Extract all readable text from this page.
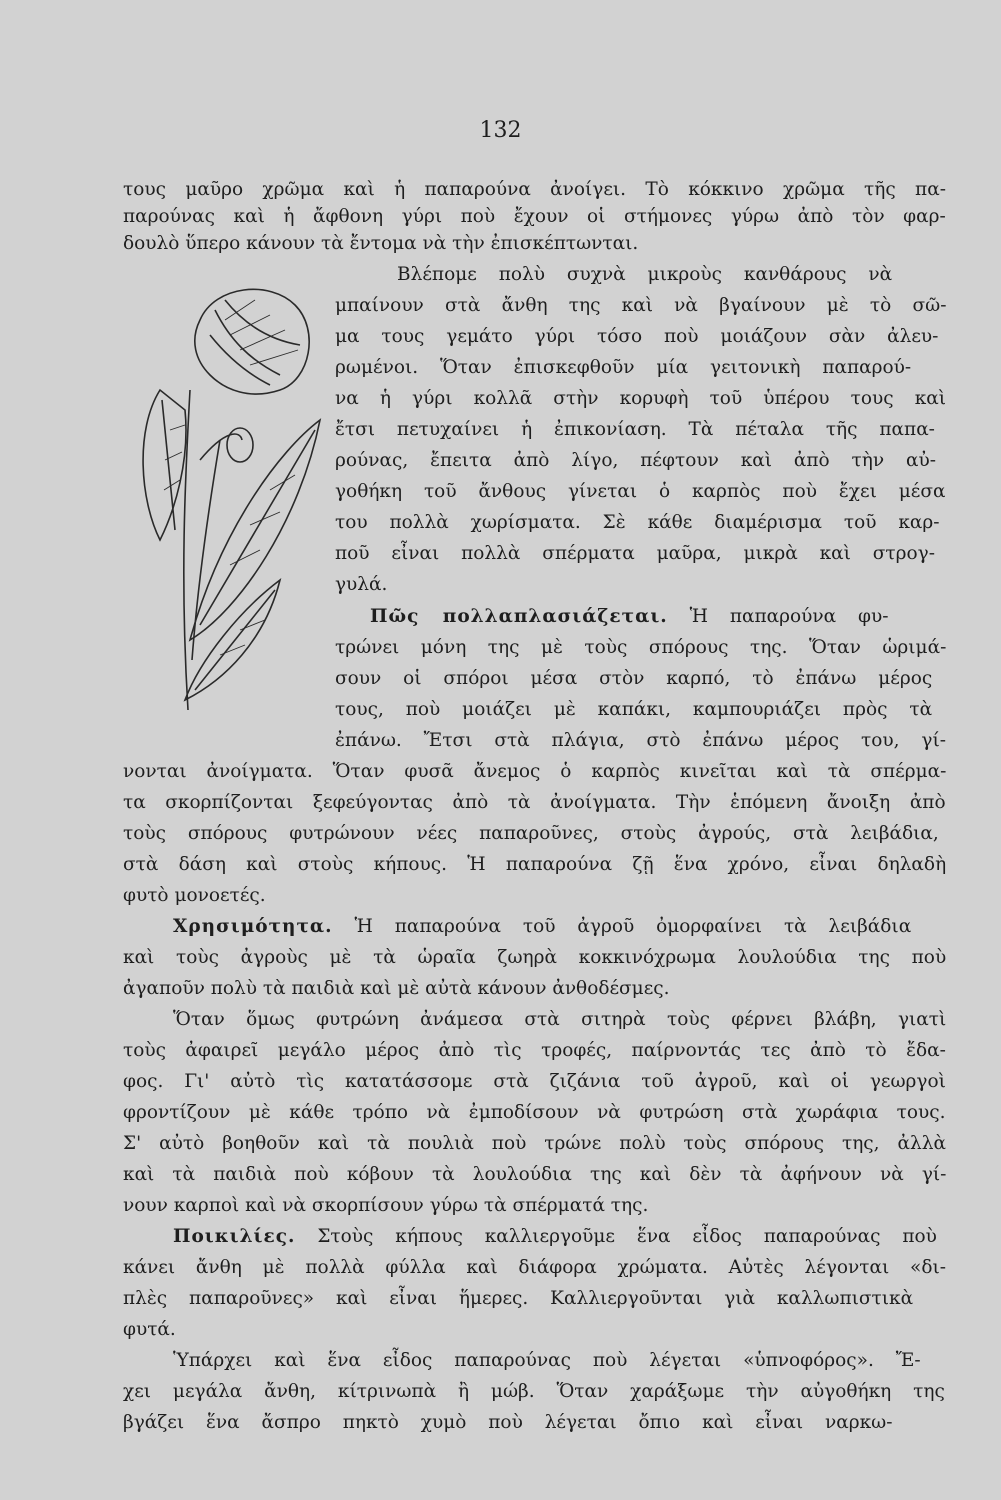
132
τους μαῦρο χρῶμα καὶ ἡ παπαρούνα ἀνοίγει. Τὸ κόκκινο χρῶμα τῆς πα-
παρούνας καὶ ἡ ἄφθονη γύρι ποὺ ἔχουν οἱ στήμονες γύρω ἀπὸ τὸν φαρ-
δουλὸ ὕπερο κάνουν τὰ ἔντομα νὰ τὴν ἐπισκέπτωνται.
Βλέπομε πολὺ συχνὰ μικροὺς κανθάρους νὰ
μπαίνουν στὰ ἄνθη της καὶ νὰ βγαίνουν μὲ τὸ σῶ-
μα τους γεμάτο γύρι τόσο ποὺ μοιάζουν σὰν ἀλευ-
ρωμένοι. Ὅταν ἐπισκεφθοῦν μία γειτονικὴ παπαρού-
να ἡ γύρι κολλᾶ στὴν κορυφὴ τοῦ ὑπέρου τους καὶ
ἔτσι πετυχαίνει ἡ ἐπικονίαση. Τὰ πέταλα τῆς παπα-
ρούνας, ἔπειτα ἀπὸ λίγο, πέφτουν καὶ ἀπὸ τὴν αὐ-
γοθήκη τοῦ ἄνθους γίνεται ὁ καρπὸς ποὺ ἔχει μέσα
του πολλὰ χωρίσματα. Σὲ κάθε διαμέρισμα τοῦ καρ-
ποῦ εἶναι πολλὰ σπέρματα μαῦρα, μικρὰ καὶ στρογ-
γυλά.
Πῶς πολλαπλασιάζεται. Ἡ παπαρούνα φυ-
τρώνει μόνη της μὲ τοὺς σπόρους της. Ὅταν ὡριμά-
σουν οἱ σπόροι μέσα στὸν καρπό, τὸ ἐπάνω μέρος
τους, ποὺ μοιάζει μὲ καπάκι, καμπουριάζει πρὸς τὰ
ἐπάνω. Ἔτσι στὰ πλάγια, στὸ ἐπάνω μέρος του, γί-
νονται ἀνοίγματα. Ὅταν φυσᾶ ἄνεμος ὁ καρπὸς κινεῖται καὶ τὰ σπέρμα-
τα σκορπίζονται ξεφεύγοντας ἀπὸ τὰ ἀνοίγματα. Τὴν ἑπόμενη ἄνοιξη ἀπὸ
τοὺς σπόρους φυτρώνουν νέες παπαροῦνες, στοὺς ἀγρούς, στὰ λειβάδια,
στὰ δάση καὶ στοὺς κήπους. Ἡ παπαρούνα ζῇ ἕνα χρόνο, εἶναι δηλαδὴ
φυτὸ μονοετές.
Χρησιμότητα. Ἡ παπαρούνα τοῦ ἀγροῦ ὀμορφαίνει τὰ λειβάδια
καὶ τοὺς ἀγροὺς μὲ τὰ ὡραῖα ζωηρὰ κοκκινόχρωμα λουλούδια της ποὺ
ἀγαποῦν πολὺ τὰ παιδιὰ καὶ μὲ αὐτὰ κάνουν ἀνθοδέσμες.
Ὅταν ὅμως φυτρώνη ἀνάμεσα στὰ σιτηρὰ τοὺς φέρνει βλάβη, γιατὶ
τοὺς ἀφαιρεῖ μεγάλο μέρος ἀπὸ τὶς τροφές, παίρνοντάς τες ἀπὸ τὸ ἔδα-
φος. Γι' αὐτὸ τὶς κατατάσσομε στὰ ζιζάνια τοῦ ἀγροῦ, καὶ οἱ γεωργοὶ
φροντίζουν μὲ κάθε τρόπο νὰ ἐμποδίσουν νὰ φυτρώση στὰ χωράφια τους.
Σ' αὐτὸ βοηθοῦν καὶ τὰ πουλιὰ ποὺ τρώνε πολὺ τοὺς σπόρους της, ἀλλὰ
καὶ τὰ παιδιὰ ποὺ κόβουν τὰ λουλούδια της καὶ δὲν τὰ ἀφήνουν νὰ γί-
νουν καρποὶ καὶ νὰ σκορπίσουν γύρω τὰ σπέρματά της.
Ποικιλίες. Στοὺς κήπους καλλιεργοῦμε ἕνα εἶδος παπαρούνας ποὺ
κάνει ἄνθη μὲ πολλὰ φύλλα καὶ διάφορα χρώματα. Αὐτὲς λέγονται «δι-
πλὲς παπαροῦνες» καὶ εἶναι ἥμερες. Καλλιεργοῦνται γιὰ καλλωπιστικὰ
φυτά.
Ὑπάρχει καὶ ἕνα εἶδος παπαρούνας ποὺ λέγεται «ὑπνοφόρος». Ἔ-
χει μεγάλα ἄνθη, κίτρινωπὰ ἢ μώβ. Ὅταν χαράξωμε τὴν αὐγοθήκη της
βγάζει ἕνα ἄσπρο πηκτὸ χυμὸ ποὺ λέγεται ὄπιο καὶ εἶναι ναρκω-
